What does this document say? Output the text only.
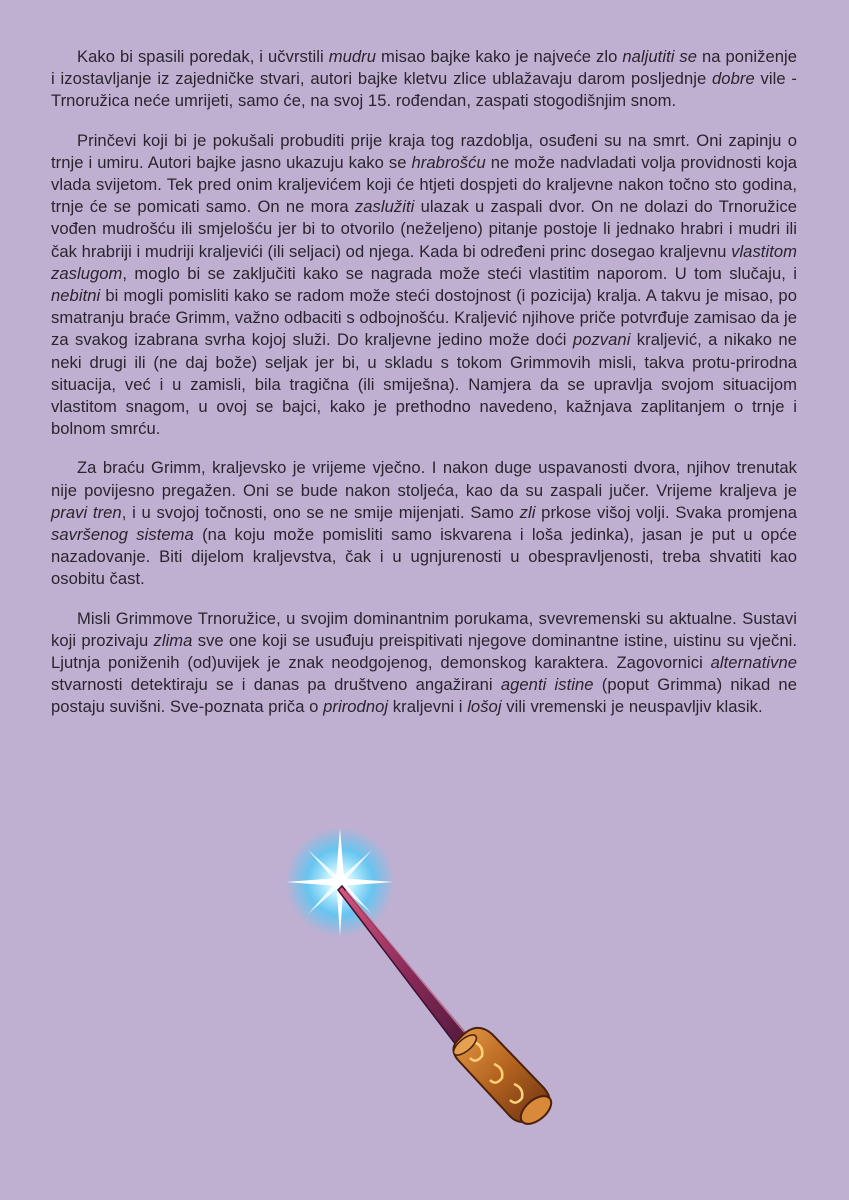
Kako bi spasili poredak, i učvrstili mudru misao bajke kako je najveće zlo naljutiti se na poniženje i izostavljanje iz zajedničke stvari, autori bajke kletvu zlice ublažavaju darom posljednje dobre vile - Trnoružica neće umrijeti, samo će, na svoj 15. rođendan, zaspati stogodišnjim snom.

Prinčevi koji bi je pokušali probuditi prije kraja tog razdoblja, osuđeni su na smrt. Oni zapinju o trnje i umiru. Autori bajke jasno ukazuju kako se hrabrošću ne može nadvladati volja providnosti koja vlada svijetom. Tek pred onim kraljevićem koji će htjeti dospjeti do kraljevne nakon točno sto godina, trnje će se pomicati samo. On ne mora zaslužiti ulazak u zaspali dvor. On ne dolazi do Trnoružice vođen mudrošću ili smjelošću jer bi to otvorilo (neželjeno) pitanje postoje li jednako hrabri i mudri ili čak hrabriji i mudriji kraljevići (ili seljaci) od njega. Kada bi određeni princ dosegao kraljevnu vlastitom zaslugom, moglo bi se zaključiti kako se nagrada može steći vlastitim naporom. U tom slučaju, i nebitni bi mogli pomisliti kako se radom može steći dostojnost (i pozicija) kralja. A takvu je misao, po smatranju braće Grimm, važno odbaciti s odbojnošću. Kraljević njihove priče potvrđuje zamisao da je za svakog izabrana svrha kojoj služi. Do kraljevne jedino može doći pozvani kraljević, a nikako ne neki drugi ili (ne daj bože) seljak jer bi, u skladu s tokom Grimmovih misli, takva protu-prirodna situacija, već i u zamisli, bila tragična (ili smiješna). Namjera da se upravlja svojom situacijom vlastitom snagom, u ovoj se bajci, kako je prethodno navedeno, kažnjava zaplitanjem o trnje i bolnom smrću.

Za braću Grimm, kraljevsko je vrijeme vječno. I nakon duge uspavanosti dvora, njihov trenutak nije povijesno pregažen. Oni se bude nakon stoljeća, kao da su zaspali jučer. Vrijeme kraljeva je pravi tren, i u svojoj točnosti, ono se ne smije mijenjati. Samo zli prkose višoj volji. Svaka promjena savršenog sistema (na koju može pomisliti samo iskvarena i loša jedinka), jasan je put u opće nazadovanje. Biti dijelom kraljevstva, čak i u ugnjurenosti u obespravljenosti, treba shvatiti kao osobitu čast.

Misli Grimmove Trnoružice, u svojim dominantnim porukama, svevremenski su aktualne. Sustavi koji prozivaju zlima sve one koji se usuđuju preispitivati njegove dominantne istine, uistinu su vječni. Ljutnja poniženih (od)uvijek je znak neodgojenog, demonskog karaktera. Zagovornici alternativne stvarnosti detektiraju se i danas pa društveno angažirani agenti istine (poput Grimma) nikad ne postaju suvišni. Sve-poznata priča o prirodnoj kraljevni i lošoj vili vremenski je neuspavljiv klasik.
